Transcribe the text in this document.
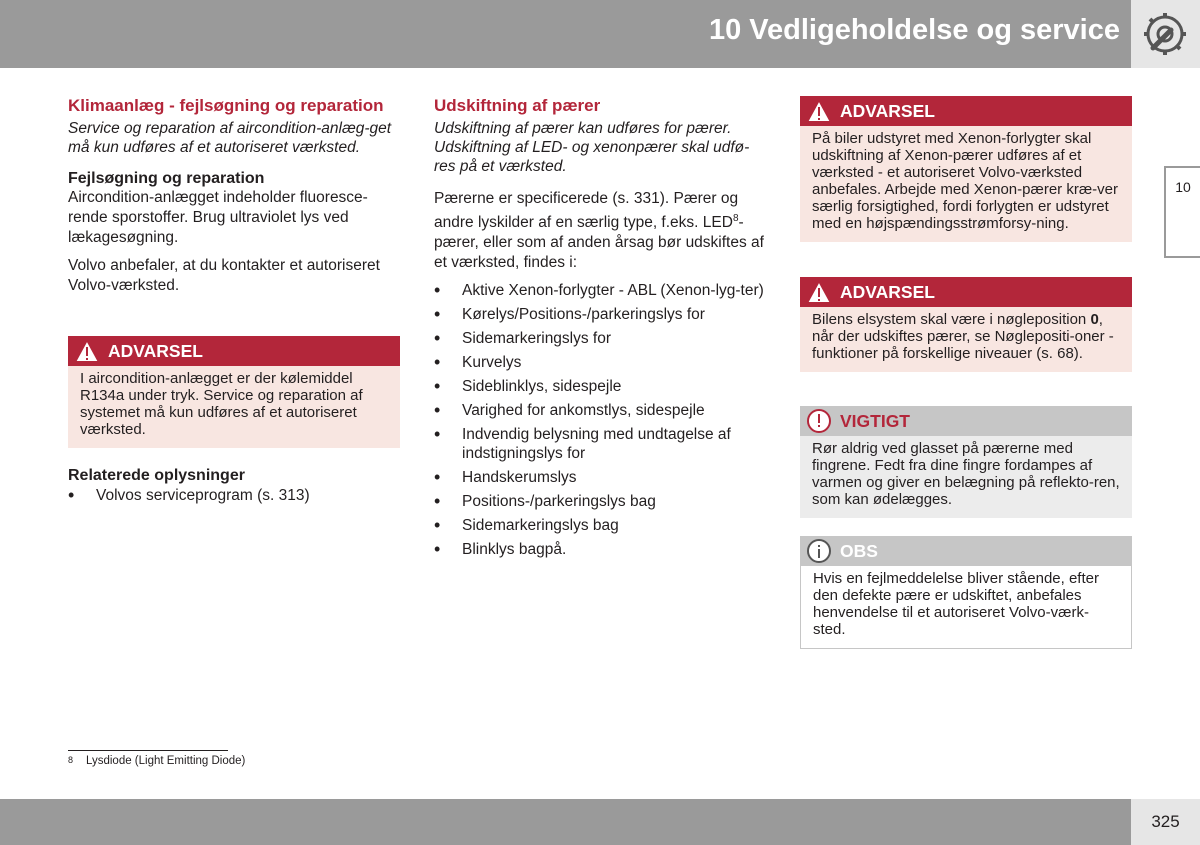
10 Vedligeholdelse og service
10
Klimaanlæg - fejlsøgning og reparation

Service og reparation af aircondition-anlæg-get må kun udføres af et autoriseret værksted.

Fejlsøgning og reparation

Aircondition-anlægget indeholder fluoresce-rende sporstoffer. Brug ultraviolet lys ved lækagesøgning.

Volvo anbefaler, at du kontakter et autoriseret Volvo-værksted.

ADVARSEL
I aircondition-anlægget er der kølemiddel R134a under tryk. Service og reparation af systemet må kun udføres af et autoriseret værksted.
Relaterede oplysninger
• Volvos serviceprogram (s. 313)
Udskiftning af pærer

Udskiftning af pærer kan udføres for pærer. Udskiftning af LED- og xenonpærer skal udfø-res på et værksted.

Pærerne er specificerede (s. 331). Pærer og andre lyskilder af en særlig type, f.eks. LED$^8$-pærer, eller som af anden årsag bør udskiftes af et værksted, findes i:

• Aktive Xenon-forlygter - ABL (Xenon-lyg-ter)
• Kørelys/Positions-/parkeringslys for
• Sidemarkeringslys for
• Kurvelys
• Sideblinklys, sidespejle
• Varighed for ankomstlys, sidespejle
• Indvendig belysning med undtagelse af indstigningslys for
• Handskerumslys
• Positions-/parkeringslys bag
• Sidemarkeringslys bag
• Blinklys bagpå.
ADVARSEL
På biler udstyret med Xenon-forlygter skal udskiftning af Xenon-pærer udføres af et værksted - et autoriseret Volvo-værksted anbefales. Arbejde med Xenon-pærer kræ-ver særlig forsigtighed, fordi forlygten er udstyret med en højspændingsstrømforsy-ning.
ADVARSEL
Bilens elsystem skal være i nøgleposition 0, når der udskiftes pærer, se Nøglepositi-oner - funktioner på forskellige niveauer (s. 68).
VIGTIGT
Rør aldrig ved glasset på pærerne med fingrene. Fedt fra dine fingre fordampes af varmen og giver en belægning på reflekto-ren, som kan ødelægges.
OBS
Hvis en fejlmeddelelse bliver stående, efter den defekte pære er udskiftet, anbefales henvendelse til et autoriseret Volvo-værk-sted.
8 Lysdiode (Light Emitting Diode)
325
